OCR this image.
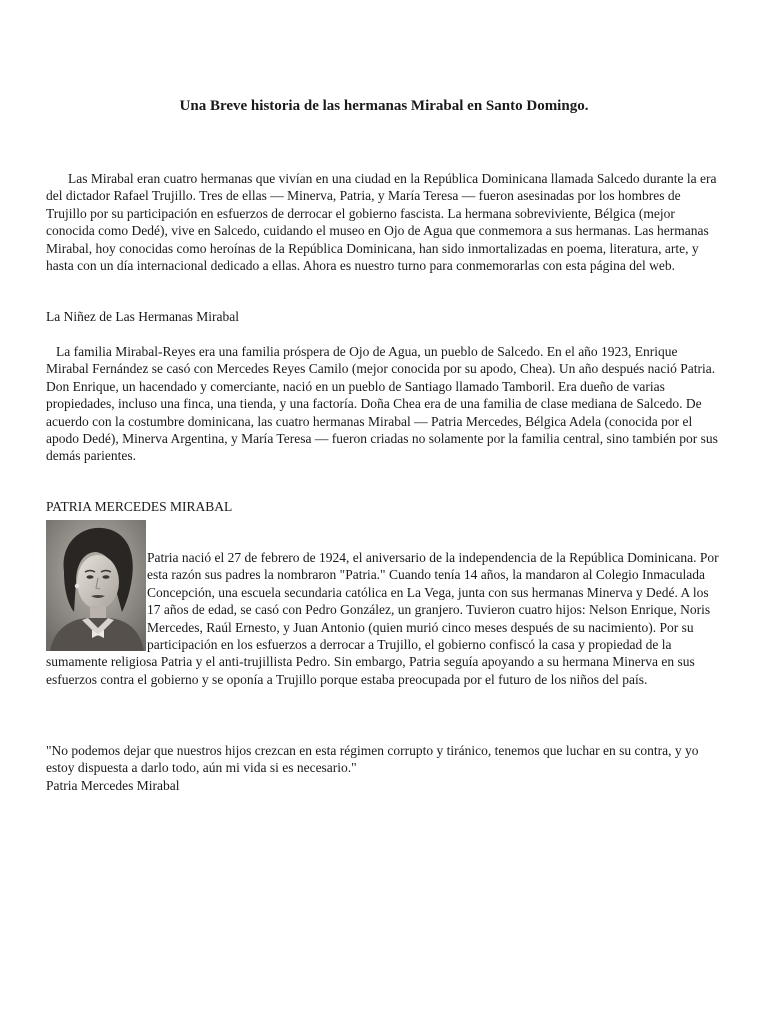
Una Breve historia de las hermanas Mirabal en Santo Domingo.

Las Mirabal eran cuatro hermanas que vivían en una ciudad en la República Dominicana llamada Salcedo durante la era del dictador Rafael Trujillo. Tres de ellas — Minerva, Patria, y María Teresa — fueron asesinadas por los hombres de Trujillo por su participación en esfuerzos de derrocar el gobierno fascista. La hermana sobreviviente, Bélgica (mejor conocida como Dedé), vive en Salcedo, cuidando el museo en Ojo de Agua que conmemora a sus hermanas. Las hermanas Mirabal, hoy conocidas como heroínas de la República Dominicana, han sido inmortalizadas en poema, literatura, arte, y hasta con un día internacional dedicado a ellas. Ahora es nuestro turno para conmemorarlas con esta página del web.

La Niñez de Las Hermanas Mirabal

La familia Mirabal-Reyes era una familia próspera de Ojo de Agua, un pueblo de Salcedo. En el año 1923, Enrique Mirabal Fernández se casó con Mercedes Reyes Camilo (mejor conocida por su apodo, Chea). Un año después nació Patria. Don Enrique, un hacendado y comerciante, nació en un pueblo de Santiago llamado Tamboril. Era dueño de varias propiedades, incluso una finca, una tienda, y una factoría. Doña Chea era de una familia de clase mediana de Salcedo. De acuerdo con la costumbre dominicana, las cuatro hermanas Mirabal — Patria Mercedes, Bélgica Adela (conocida por el apodo Dedé), Minerva Argentina, y María Teresa — fueron criadas no solamente por la familia central, sino también por sus demás parientes.

PATRIA MERCEDES MIRABAL

Patria nació el 27 de febrero de 1924, el aniversario de la independencia de la República Dominicana. Por esta razón sus padres la nombraron "Patria." Cuando tenía 14 años, la mandaron al Colegio Inmaculada Concepción, una escuela secundaria católica en La Vega, junta con sus hermanas Minerva y Dedé. A los 17 años de edad, se casó con Pedro González, un granjero. Tuvieron cuatro hijos: Nelson Enrique, Noris Mercedes, Raúl Ernesto, y Juan Antonio (quien murió cinco meses después de su nacimiento). Por su participación en los esfuerzos a derrocar a Trujillo, el gobierno confiscó la casa y propiedad de la sumamente religiosa Patria y el anti-trujillista Pedro. Sin embargo, Patria seguía apoyando a su hermana Minerva en sus esfuerzos contra el gobierno y se oponía a Trujillo porque estaba preocupada por el futuro de los niños del país.

"No podemos dejar que nuestros hijos crezcan en esta régimen corrupto y tiránico, tenemos que luchar en su contra, y yo estoy dispuesta a darlo todo, aún mi vida si es necesario."
Patria Mercedes Mirabal
